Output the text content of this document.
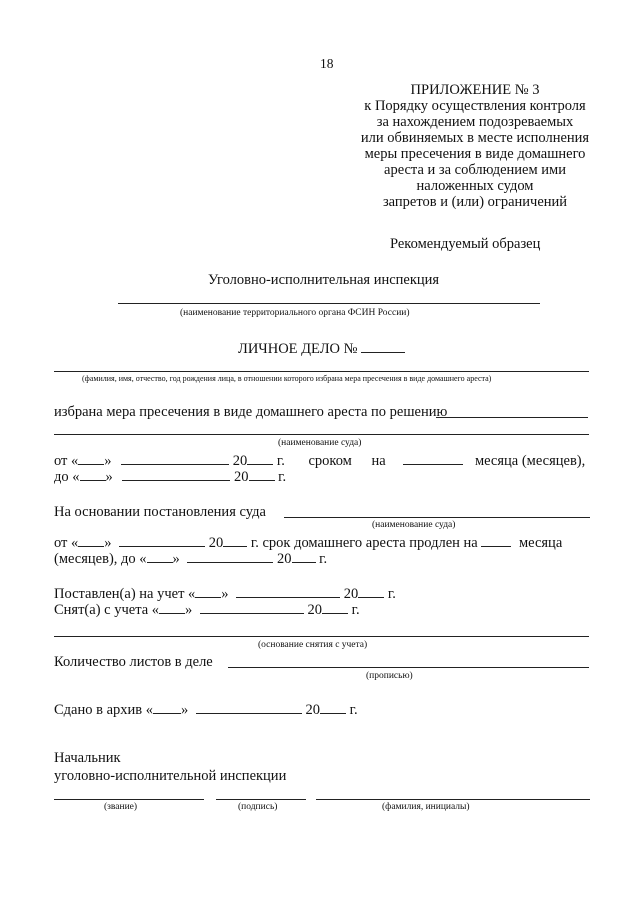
18
ПРИЛОЖЕНИЕ № 3
к Порядку осуществления контроля
за нахождением подозреваемых
или обвиняемых в месте исполнения
меры пресечения в виде домашнего
ареста и за соблюдением ими
наложенных судом
запретов и (или) ограничений
Рекомендуемый образец
Уголовно-исполнительная инспекция
(наименование территориального органа ФСИН России)
ЛИЧНОЕ ДЕЛО №
(фамилия, имя, отчество, год рождения лица, в отношении которого избрана мера пресечения в виде домашнего ареста)
избрана мера пресечения в виде домашнего ареста по решению
(наименование суда)
от « »	20 г. сроком на	месяца (месяцев),
до « »	20 г.
На основании постановления суда
(наименование суда)
от « »	20 г. срок домашнего ареста продлен на	месяца
(месяцев), до « »	20 г.
Поставлен(а) на учет « »	20 г.
Снят(а) с учета « »	20 г.
(основание снятия с учета)
Количество листов в деле
(прописью)
Сдано в архив « »	20 г.
Начальник
уголовно-исполнительной инспекции
(звание)	(подпись)	(фамилия, инициалы)
